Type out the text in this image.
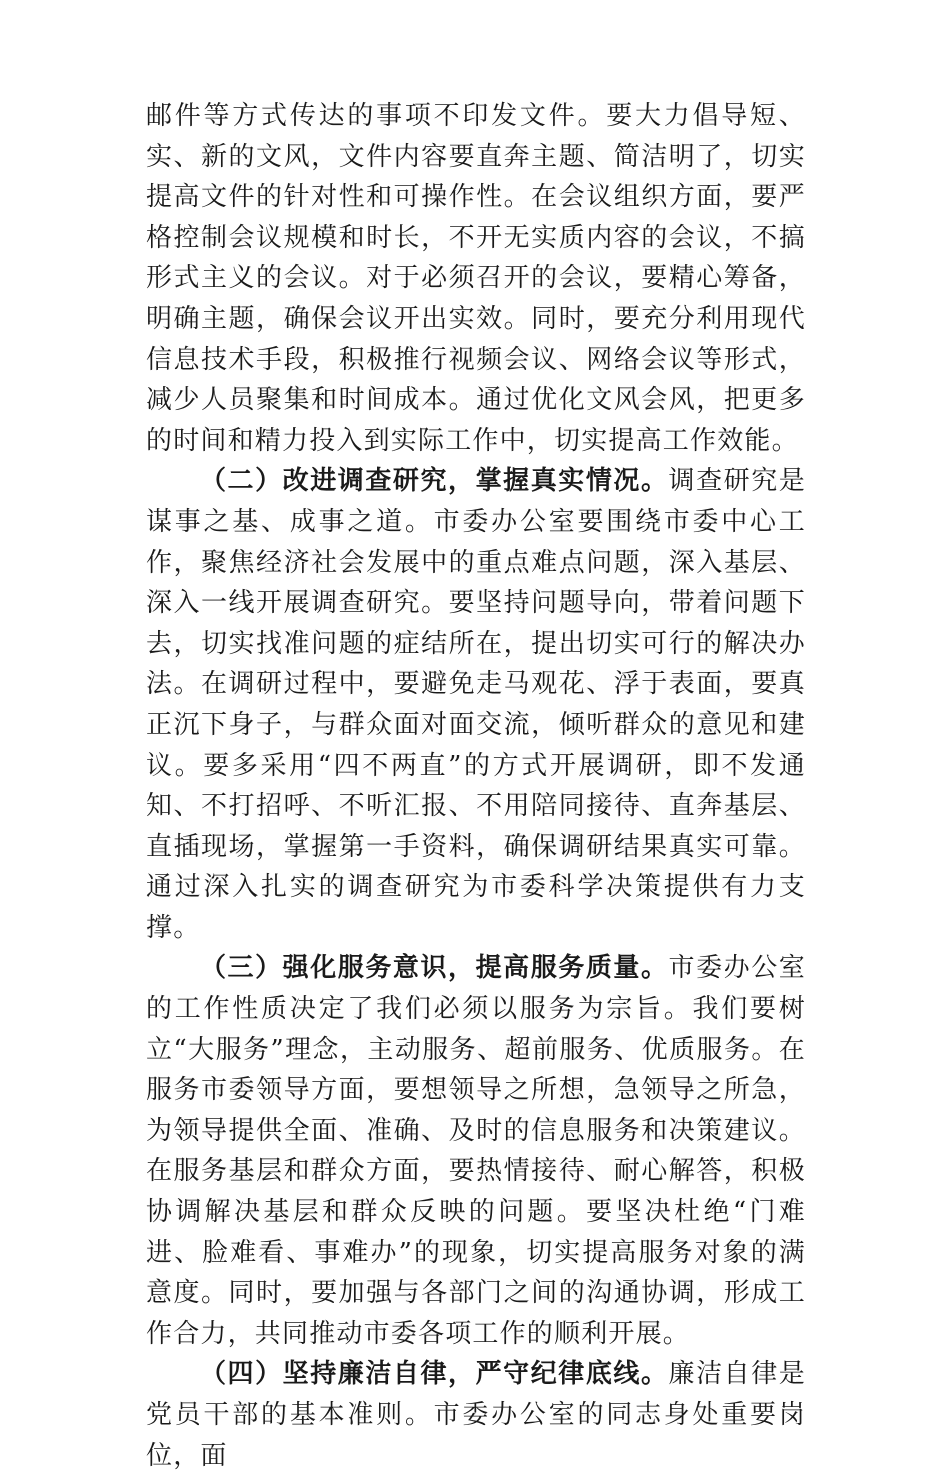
邮件等方式传达的事项不印发文件。要大力倡导短、实、新的文风，文件内容要直奔主题、简洁明了，切实提高文件的针对性和可操作性。在会议组织方面，要严格控制会议规模和时长，不开无实质内容的会议，不搞形式主义的会议。对于必须召开的会议，要精心筹备，明确主题，确保会议开出实效。同时，要充分利用现代信息技术手段，积极推行视频会议、网络会议等形式，减少人员聚集和时间成本。通过优化文风会风，把更多的时间和精力投入到实际工作中，切实提高工作效能。

（二）改进调查研究，掌握真实情况。调查研究是谋事之基、成事之道。市委办公室要围绕市委中心工作，聚焦经济社会发展中的重点难点问题，深入基层、深入一线开展调查研究。要坚持问题导向，带着问题下去，切实找准问题的症结所在，提出切实可行的解决办法。在调研过程中，要避免走马观花、浮于表面，要真正沉下身子，与群众面对面交流，倾听群众的意见和建议。要多采用“四不两直”的方式开展调研，即不发通知、不打招呼、不听汇报、不用陪同接待、直奔基层、直插现场，掌握第一手资料，确保调研结果真实可靠。通过深入扎实的调查研究为市委科学决策提供有力支撑。

（三）强化服务意识，提高服务质量。市委办公室的工作性质决定了我们必须以服务为宗旨。我们要树立“大服务”理念，主动服务、超前服务、优质服务。在服务市委领导方面，要想领导之所想，急领导之所急，为领导提供全面、准确、及时的信息服务和决策建议。在服务基层和群众方面，要热情接待、耐心解答，积极协调解决基层和群众反映的问题。要坚决杜绝“门难进、脸难看、事难办”的现象，切实提高服务对象的满意度。同时，要加强与各部门之间的沟通协调，形成工作合力，共同推动市委各项工作的顺利开展。

（四）坚持廉洁自律，严守纪律底线。廉洁自律是党员干部的基本准则。市委办公室的同志身处重要岗位，面
